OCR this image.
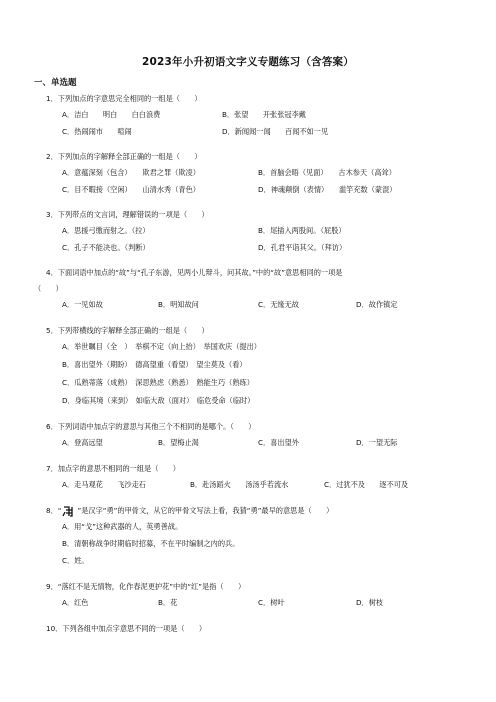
2023年小升初语文字义专题练习（含答案）
一、单选题
1．下列加点的字意思完全相同的一组是（　　）
A．洁白　　明白　　白白浪费	B．张望　　开张张冠李戴
C．热闹闹市　　喧闹	D．新闻闻一闻　　百闻不如一见
2．下列加点的字解释全部正确的一组是（　　）
A．意蕴深刻（包含）　　欺君之罪（欺凌）	B．首脑会晤（见面）　　古木参天（高耸）
C．目不暇接（空闲）　　山清水秀（青色）	D．神魂颠倒（表情）　　滥竽充数（蒙混）
3．下列带点的文言词，理解错误的一项是（　　）
A．思援弓缴而射之。（拉）	B．尾插入两股间。（屁股）
C．孔子不能决也。（判断）	D．孔君平诣其父。（拜访）
4．下面词语中加点的“故”与“孔子东游，见两小儿辩斗，问其故。”中的“故”意思相同的一项是
（　　）
A．一见如故	B．明知故问	C．无缘无故	D．故作镇定
5．下列带横线的字解释全部正确的一组是（　　）
A．举世瞩目（全　）　举棋不定（向上抬）　举国欢庆（提出）
B．喜出望外（期盼）　德高望重（看望）　望尘莫及（看）
C．瓜熟蒂落（成熟）　深思熟虑（熟悉）　熟能生巧（熟练）
D．身临其境（来到）　如临大敌（面对）　临危受命（临时）
6．下列词语中加点字的意思与其他三个不相同的是哪个。（　　）
A．登高远望	B．望梅止渴	C．喜出望外	D．一望无际
7．加点字的意思不相同的一组是（　　）
A．走马观花　　飞沙走石	B．赴汤蹈火　　汤汤乎若流水	C．过犹不及　　逐不可及
8．“ ”是汉字“勇”的甲骨文，从它的甲骨文写法上看，我猜“勇”最早的意思是（　　）
A．用“戈”这种武器的人，英勇善战。
B．清朝称战争时期临时招募，不在平时编制之内的兵。
C．姓。
9．“落红不是无情物，化作春泥更护花”中的“红”是指（　　）
A．红色	B．花	C．树叶	D．树枝
10．下列各组中加点字意思不同的一项是（　　）
